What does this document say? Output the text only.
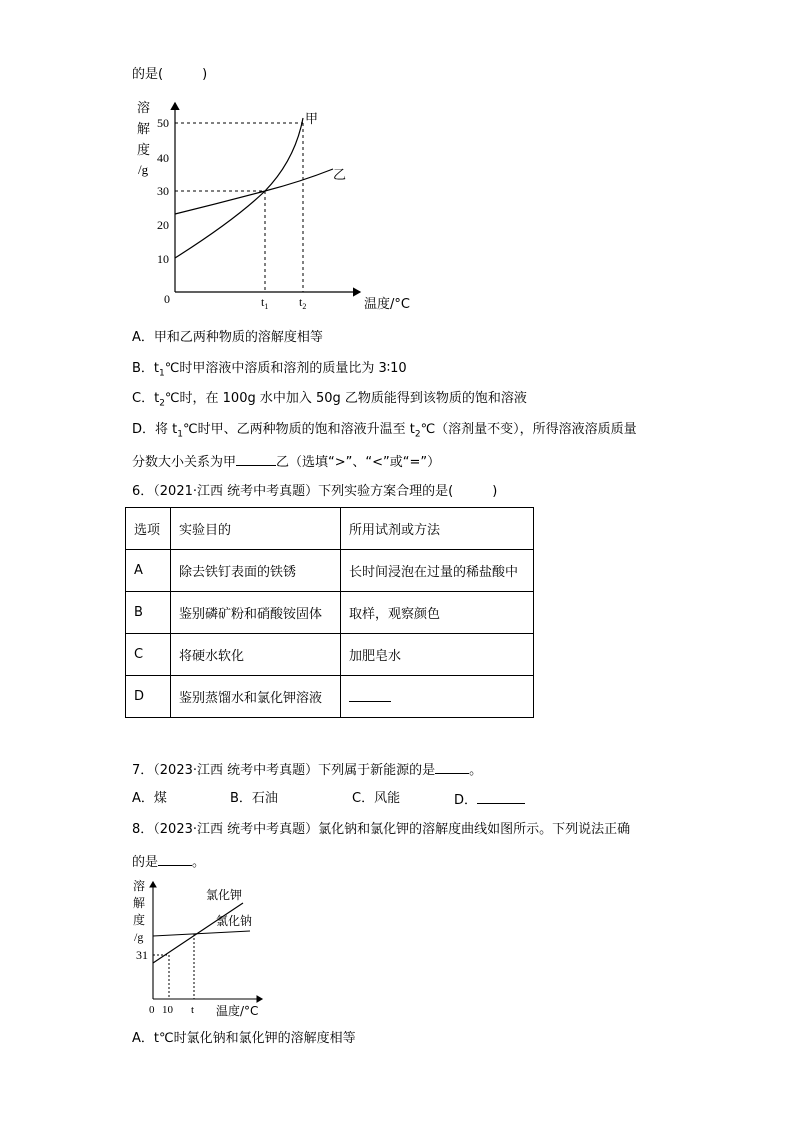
的是(　　　)
溶
解
度
/g
10
20
30
40
50
0
甲
乙
$t_1$	$t_2$	温度/°C
A．甲和乙两种物质的溶解度相等
B．$t_1℃$时甲溶液中溶质和溶剂的质量比为 3∶10
C．$t_2℃$时，在 100g 水中加入 50g 乙物质能得到该物质的饱和溶液
D．将 $t_1℃$时甲、乙两种物质的饱和溶液升温至 $t_2℃$（溶剂量不变），所得溶液溶质质量
分数大小关系为甲	乙（选填“>”、“<”或“=”）
6．（2021·江西 统考中考真题）下列实验方案合理的是(　　　)
选项	实验目的	所用试剂或方法
A	除去铁钉表面的铁锈	长时间浸泡在过量的稀盐酸中
B	鉴别磷矿粉和硝酸铵固体	取样，观察颜色
C	将硬水软化	加肥皂水
D	鉴别蒸馏水和氯化钾溶液	
7．（2023·江西 统考中考真题）下列属于新能源的是	。
A．煤	B．石油	C．风能	D．
8．（2023·江西 统考中考真题）氯化钠和氯化钾的溶解度曲线如图所示。下列说法正确
的是	。
溶
解
度
/g
31
氯化钾
氯化钠
0 10 t 温度/°C
A．t℃时氯化钠和氯化钾的溶解度相等
